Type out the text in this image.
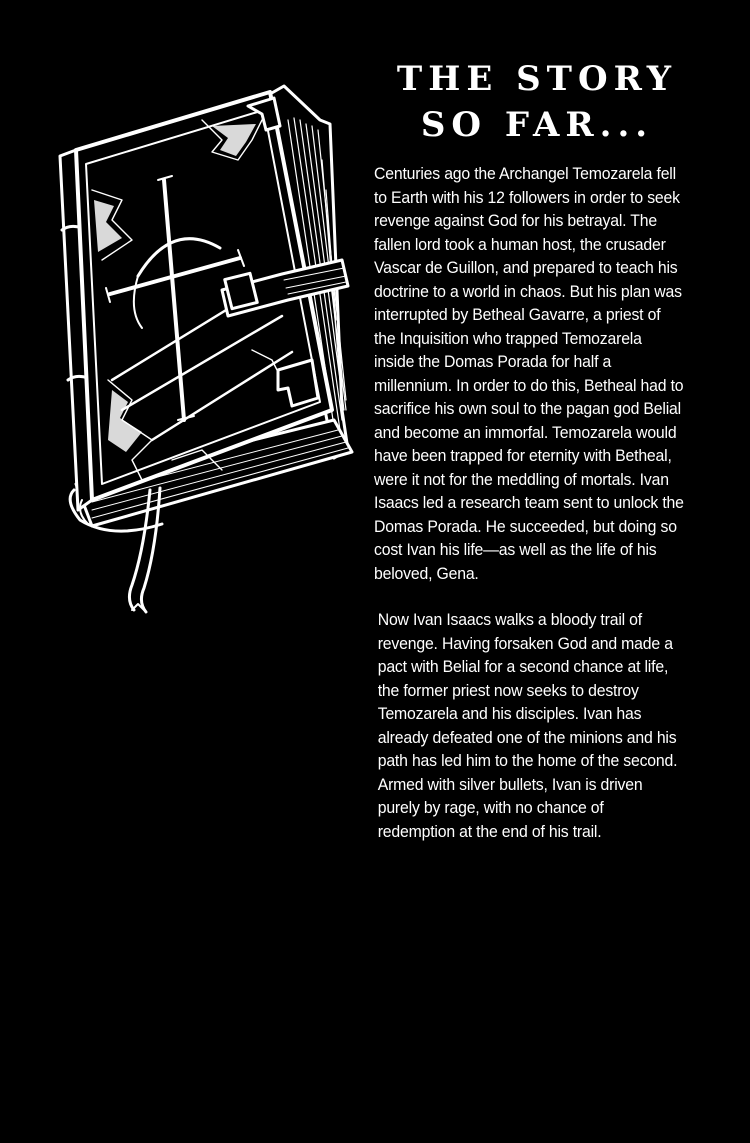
THE STORY
SO FAR...

Centuries ago the Archangel Temozarela fell to Earth with his 12 followers in order to seek revenge against God for his betrayal. The fallen lord took a human host, the crusader Vascar de Guillon, and prepared to teach his doctrine to a world in chaos. But his plan was interrupted by Betheal Gavarre, a priest of the Inquisition who trapped Temozarela inside the Domas Porada for half a millennium. In order to do this, Betheal had to sacrifice his own soul to the pagan god Belial and become an immorfal. Temozarela would have been trapped for eternity with Betheal, were it not for the meddling of mortals. Ivan Isaacs led a research team sent to unlock the Domas Porada. He succeeded, but doing so cost Ivan his life—as well as the life of his beloved, Gena.

Now Ivan Isaacs walks a bloody trail of revenge. Having forsaken God and made a pact with Belial for a second chance at life, the former priest now seeks to destroy Temozarela and his disciples. Ivan has already defeated one of the minions and his path has led him to the home of the second. Armed with silver bullets, Ivan is driven purely by rage, with no chance of redemption at the end of his trail.
